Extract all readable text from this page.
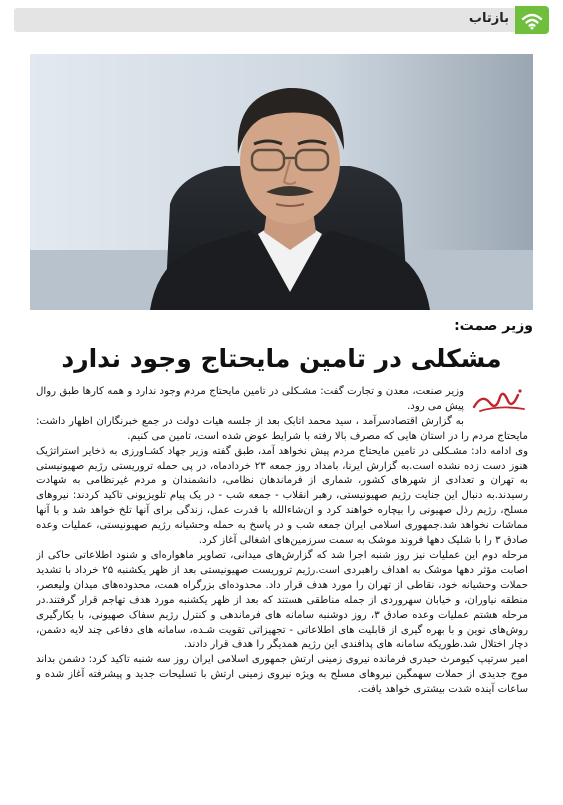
بازتاب
وزیر صمت:
مشکلی در تامین مایحتاج وجود ندارد

وزیر صنعت، معدن و تجارت گفت: مشـکلی در تامین مایحتاج مردم وجود ندارد و همه کارها طبق روال پیش می رود.

به گزارش اقتصادسرآمد ، سید محمد اتابک بعد از جلسه هیات دولت در جمع خبرنگاران اظهار داشت: مایحتاج مردم را در استان هایی که مصرف بالا رفته با شرایط عوض شده است، تامین می کنیم.

وی ادامه داد: مشـکلی در تامین مایحتاج مردم پیش نخواهد آمد، طبق گفته وزیر جهاد کشـاورزی به ذخایر استراتژیک هنوز دست زده نشده است.به گزارش ایرنا، بامداد روز جمعه ۲۳ خردادماه، در پی حمله تروریستی رژیم صهیونیستی به تهران و تعدادی از شهرهای کشور، شماری از فرماندهان نظامی، دانشمندان و مردم غیرنظامی به شهادت رسیدند.به دنبال این جنایت رژیم صهیونیستی، رهبر انقلاب - جمعه شب - در یک پیام تلویزیونی تاکید کردند: نیروهای مسلح، رژیم رذل صهیونی را بیچاره خواهند کرد و ان‌شاءالله با قدرت عمل، زندگی برای آنها تلخ خواهد شد و با آنها مماشات نخواهد شد.جمهوری اسلامی ایران جمعه شب و در پاسخ به حمله وحشیانه رژیم صهیونیستی، عملیات وعده صادق ۳ را با شلیک دهها فروند موشک به سمت سرزمین‌های اشغالی آغاز کرد.

مرحله دوم این عملیات نیز روز شنبه اجرا شد که گزارش‌های میدانی، تصاویر ماهواره‌ای و شنود اطلاعاتی حاکی از اصابت مؤثر دهها موشک به اهداف راهبردی است.رژیم تروریست صهیونیستی بعد از ظهر یکشنبه ۲۵ خرداد با تشدید حملات وحشیانه خود، نقاطی از تهران را مورد هدف قرار داد. محدوده‌ای بزرگراه همت، محدوده‌های میدان ولیعصر، منطقه نیاوران، و خیابان سهروردی از جمله مناطقی هستند که بعد از ظهر یکشنبه مورد هدف تهاجم قرار گرفتند.در مرحله هشتم عملیات وعده صادق ۳، روز دوشنبه سامانه های فرماندهی و کنترل رژیم سفاک صهیونی، با بکارگیری روش‌های نوین و با بهره گیری از قابلیت های اطلاعاتی - تجهیزاتی تقویت شـده، سامانه های دفاعی چند لایه دشمن، دچار اختلال شد.طوریکه سامانه های پدافندی این رژیم همدیگر را هدف قرار دادند.

امیر سرتیپ کیومرث حیدری فرمانده نیروی زمینی ارتش جمهوری اسلامی ایران روز سه شنبه تاکید کرد: دشمن بداند موج جدیدی از حملات سهمگین نیروهای مسلح به ویژه نیروی زمینی ارتش با تسلیحات جدید و پیشرفته آغاز شده و ساعات آینده شدت بیشتری خواهد یافت.
